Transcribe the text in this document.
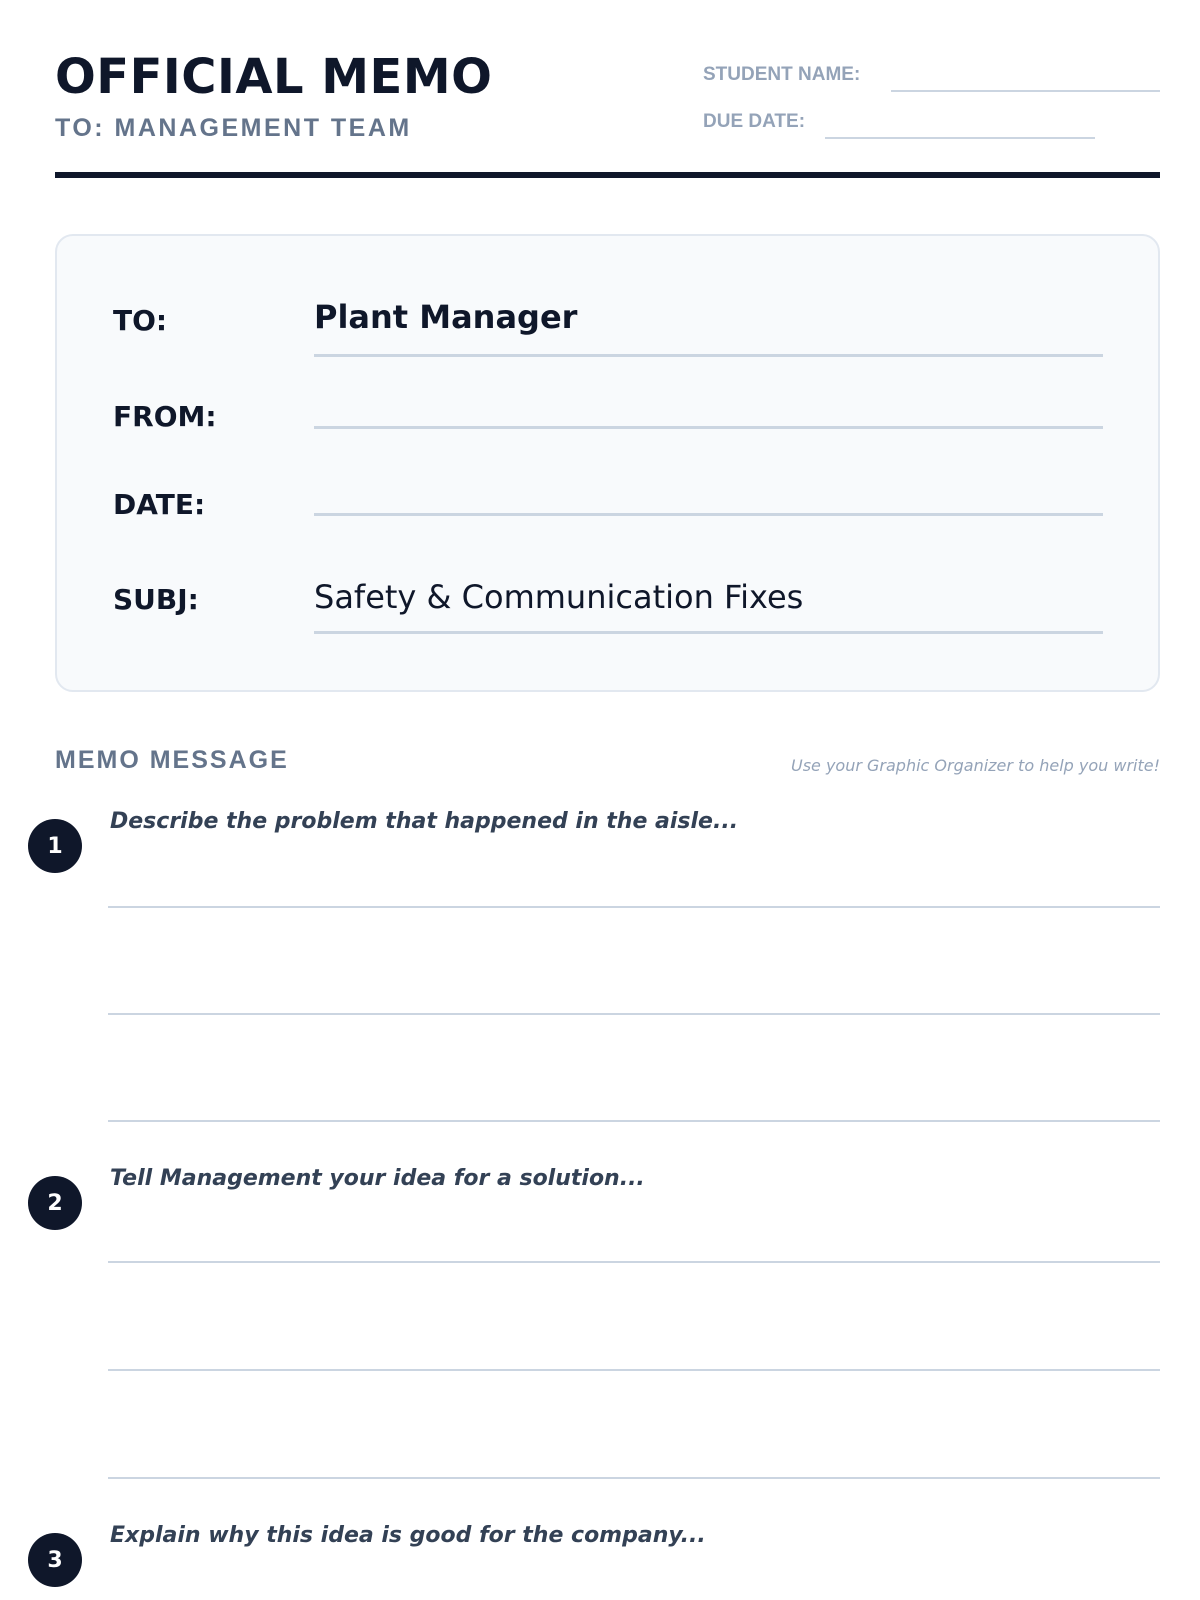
OFFICIAL MEMO
TO: MANAGEMENT TEAM
STUDENT NAME:
DUE DATE:
TO:	Plant Manager
FROM:
DATE:
SUBJ:	Safety & Communication Fixes
MEMO MESSAGE	Use your Graphic Organizer to help you write!
1
Describe the problem that happened in the aisle...
2
Tell Management your idea for a solution...
3
Explain why this idea is good for the company...
